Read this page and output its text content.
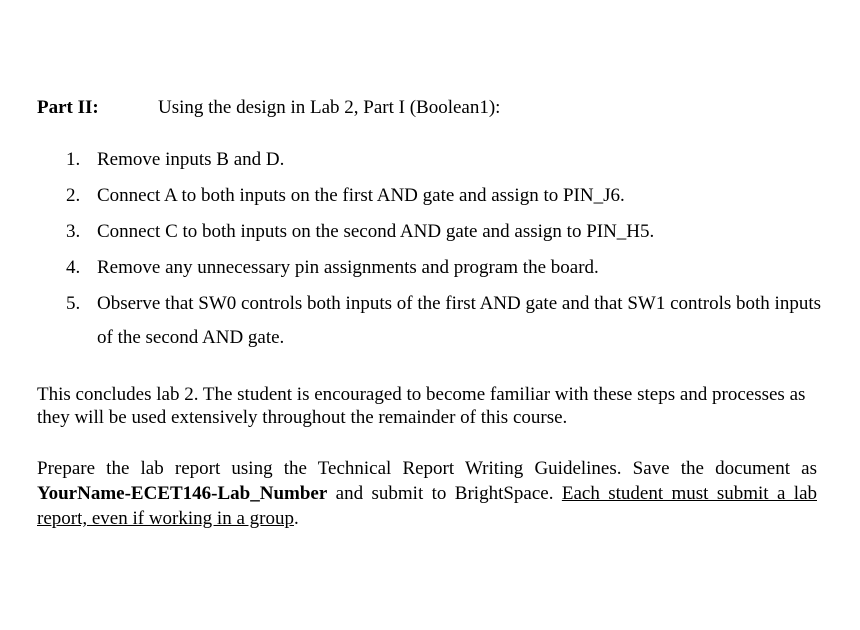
Part II:	Using the design in Lab 2, Part I (Boolean1):
1. Remove inputs B and D.
2. Connect A to both inputs on the first AND gate and assign to PIN_J6.
3. Connect C to both inputs on the second AND gate and assign to PIN_H5.
4. Remove any unnecessary pin assignments and program the board.
5. Observe that SW0 controls both inputs of the first AND gate and that SW1 controls both inputs of the second AND gate.

This concludes lab 2. The student is encouraged to become familiar with these steps and processes as they will be used extensively throughout the remainder of this course.

Prepare the lab report using the Technical Report Writing Guidelines. Save the document as YourName-ECET146-Lab_Number and submit to BrightSpace. Each student must submit a lab report, even if working in a group.
